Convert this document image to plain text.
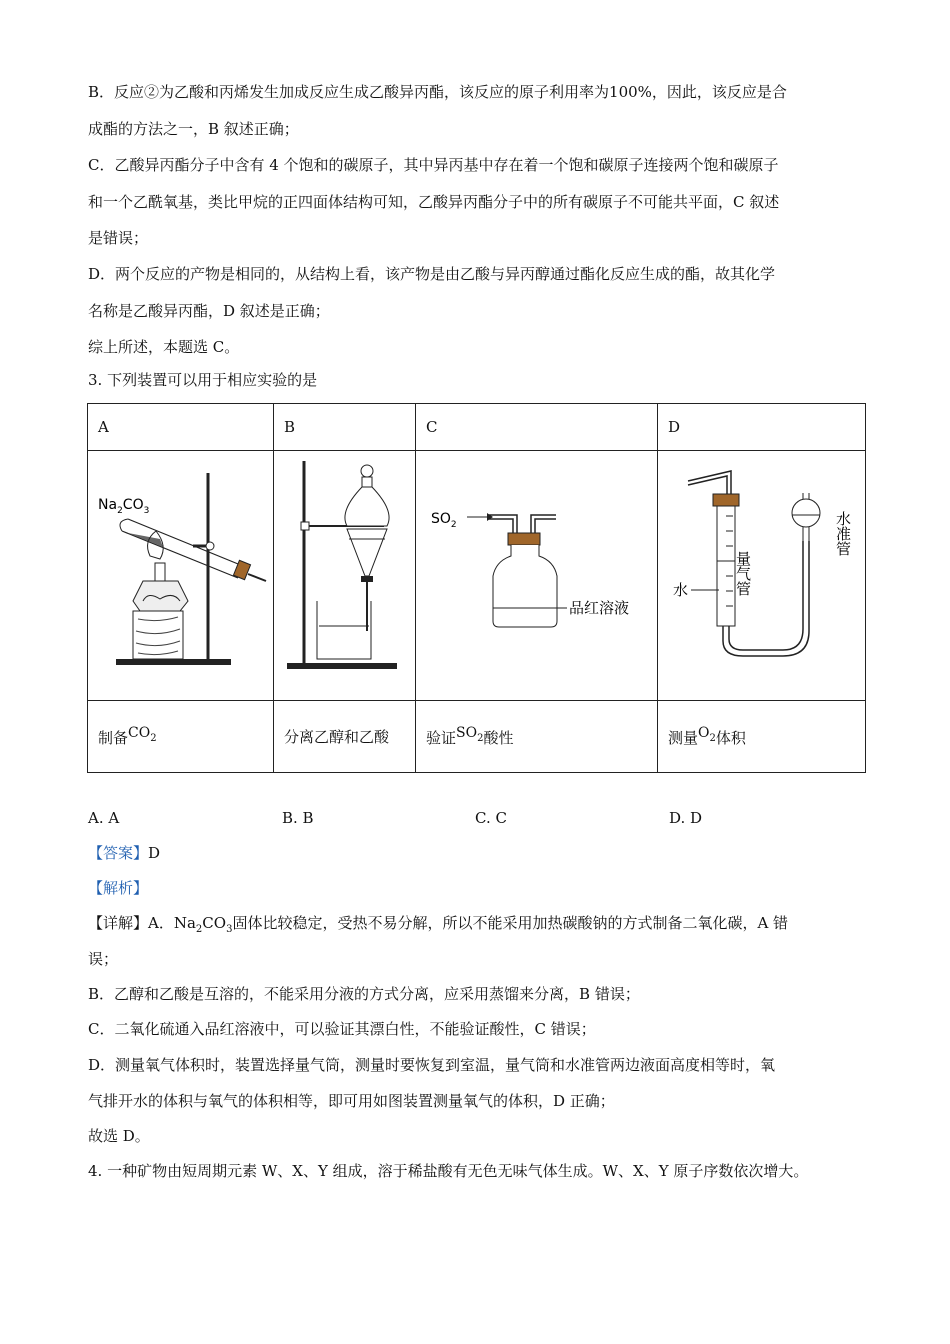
B．反应②为乙酸和丙烯发生加成反应生成乙酸异丙酯，该反应的原子利用率为100%，因此，该反应是合
成酯的方法之一，B 叙述正确；
C．乙酸异丙酯分子中含有 4 个饱和的碳原子，其中异丙基中存在着一个饱和碳原子连接两个饱和碳原子
和一个乙酰氧基，类比甲烷的正四面体结构可知，乙酸异丙酯分子中的所有碳原子不可能共平面，C 叙述
是错误；
D．两个反应的产物是相同的，从结构上看，该产物是由乙酸与异丙醇通过酯化反应生成的酯，故其化学
名称是乙酸异丙酯，D 叙述是正确；
综上所述，本题选 C。
3. 下列装置可以用于相应实验的是
A	B	C	D

$Na_2CO_3$		$SO_2$
品红溶液	水 量气管
水准管

制备$^{CO_2}$	分离乙醇和乙酸	验证$^{SO_2}$酸性	测量$^{O_2}$体积
A. A	B. B	C. C	D. D
【答案】D
【解析】
【详解】A．$Na_2CO_3$固体比较稳定，受热不易分解，所以不能采用加热碳酸钠的方式制备二氧化碳，A 错
误；
B．乙醇和乙酸是互溶的，不能采用分液的方式分离，应采用蒸馏来分离，B 错误；
C．二氧化硫通入品红溶液中，可以验证其漂白性，不能验证酸性，C 错误；
D．测量氧气体积时，装置选择量气筒，测量时要恢复到室温，量气筒和水准管两边液面高度相等时，氧
气排开水的体积与氧气的体积相等，即可用如图装置测量氧气的体积，D 正确；
故选 D。
4. 一种矿物由短周期元素 W、X、Y 组成，溶于稀盐酸有无色无味气体生成。W、X、Y 原子序数依次增大。
